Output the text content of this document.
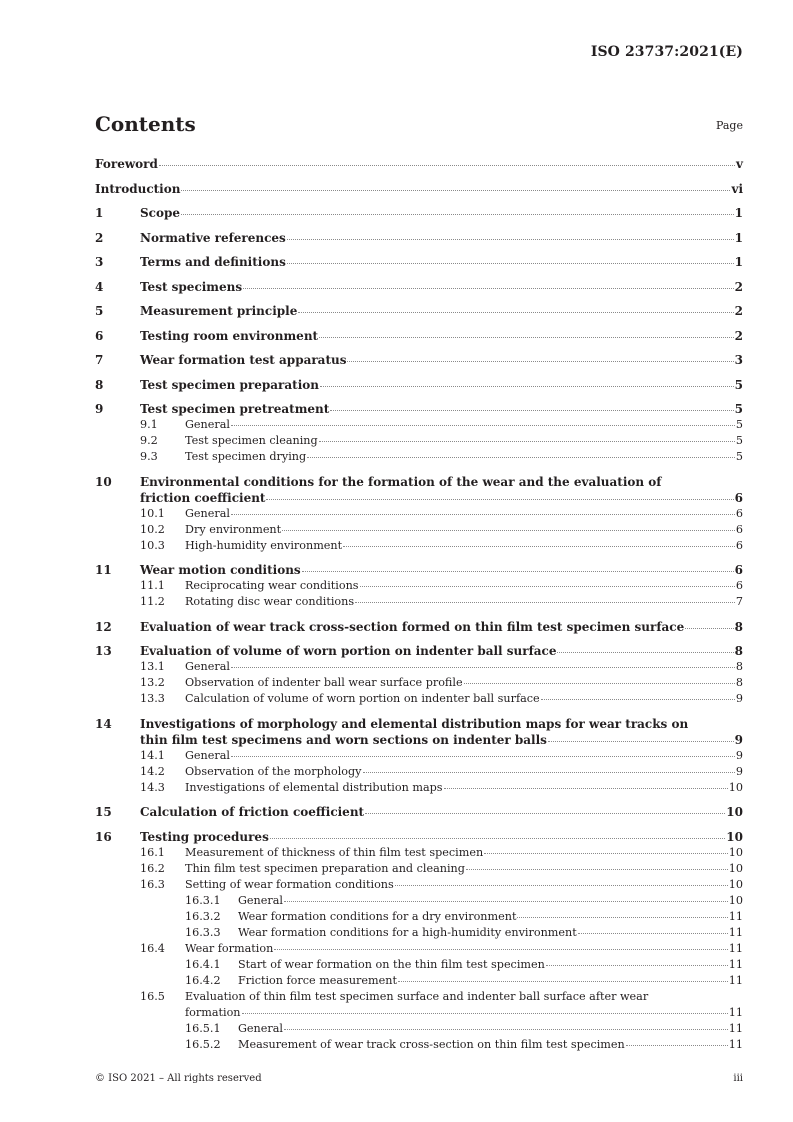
ISO 23737:2021(E)
Contents	Page
Foreword	v
Introduction	vi
1	Scope	1
2	Normative references	1
3	Terms and definitions	1
4	Test specimens	2
5	Measurement principle	2
6	Testing room environment	2
7	Wear formation test apparatus	3
8	Test specimen preparation	5
9	Test specimen pretreatment	5
9.1	General	5
9.2	Test specimen cleaning	5
9.3	Test specimen drying	5
10	Environmental conditions for the formation of the wear and the evaluation of
friction coefficient	6
10.1	General	6
10.2	Dry environment	6
10.3	High-humidity environment	6
11	Wear motion conditions	6
11.1	Reciprocating wear conditions	6
11.2	Rotating disc wear conditions	7
12	Evaluation of wear track cross-section formed on thin film test specimen surface	8
13	Evaluation of volume of worn portion on indenter ball surface	8
13.1	General	8
13.2	Observation of indenter ball wear surface profile	8
13.3	Calculation of volume of worn portion on indenter ball surface	9
14	Investigations of morphology and elemental distribution maps for wear tracks on
thin film test specimens and worn sections on indenter balls	9
14.1	General	9
14.2	Observation of the morphology	9
14.3	Investigations of elemental distribution maps	10
15	Calculation of friction coefficient	10
16	Testing procedures	10
16.1	Measurement of thickness of thin film test specimen	10
16.2	Thin film test specimen preparation and cleaning	10
16.3	Setting of wear formation conditions	10
16.3.1	General	10
16.3.2	Wear formation conditions for a dry environment	11
16.3.3	Wear formation conditions for a high-humidity environment	11
16.4	Wear formation	11
16.4.1	Start of wear formation on the thin film test specimen	11
16.4.2	Friction force measurement	11
16.5	Evaluation of thin film test specimen surface and indenter ball surface after wear
formation	11
16.5.1	General	11
16.5.2	Measurement of wear track cross-section on thin film test specimen	11
© ISO 2021 – All rights reserved	iii
